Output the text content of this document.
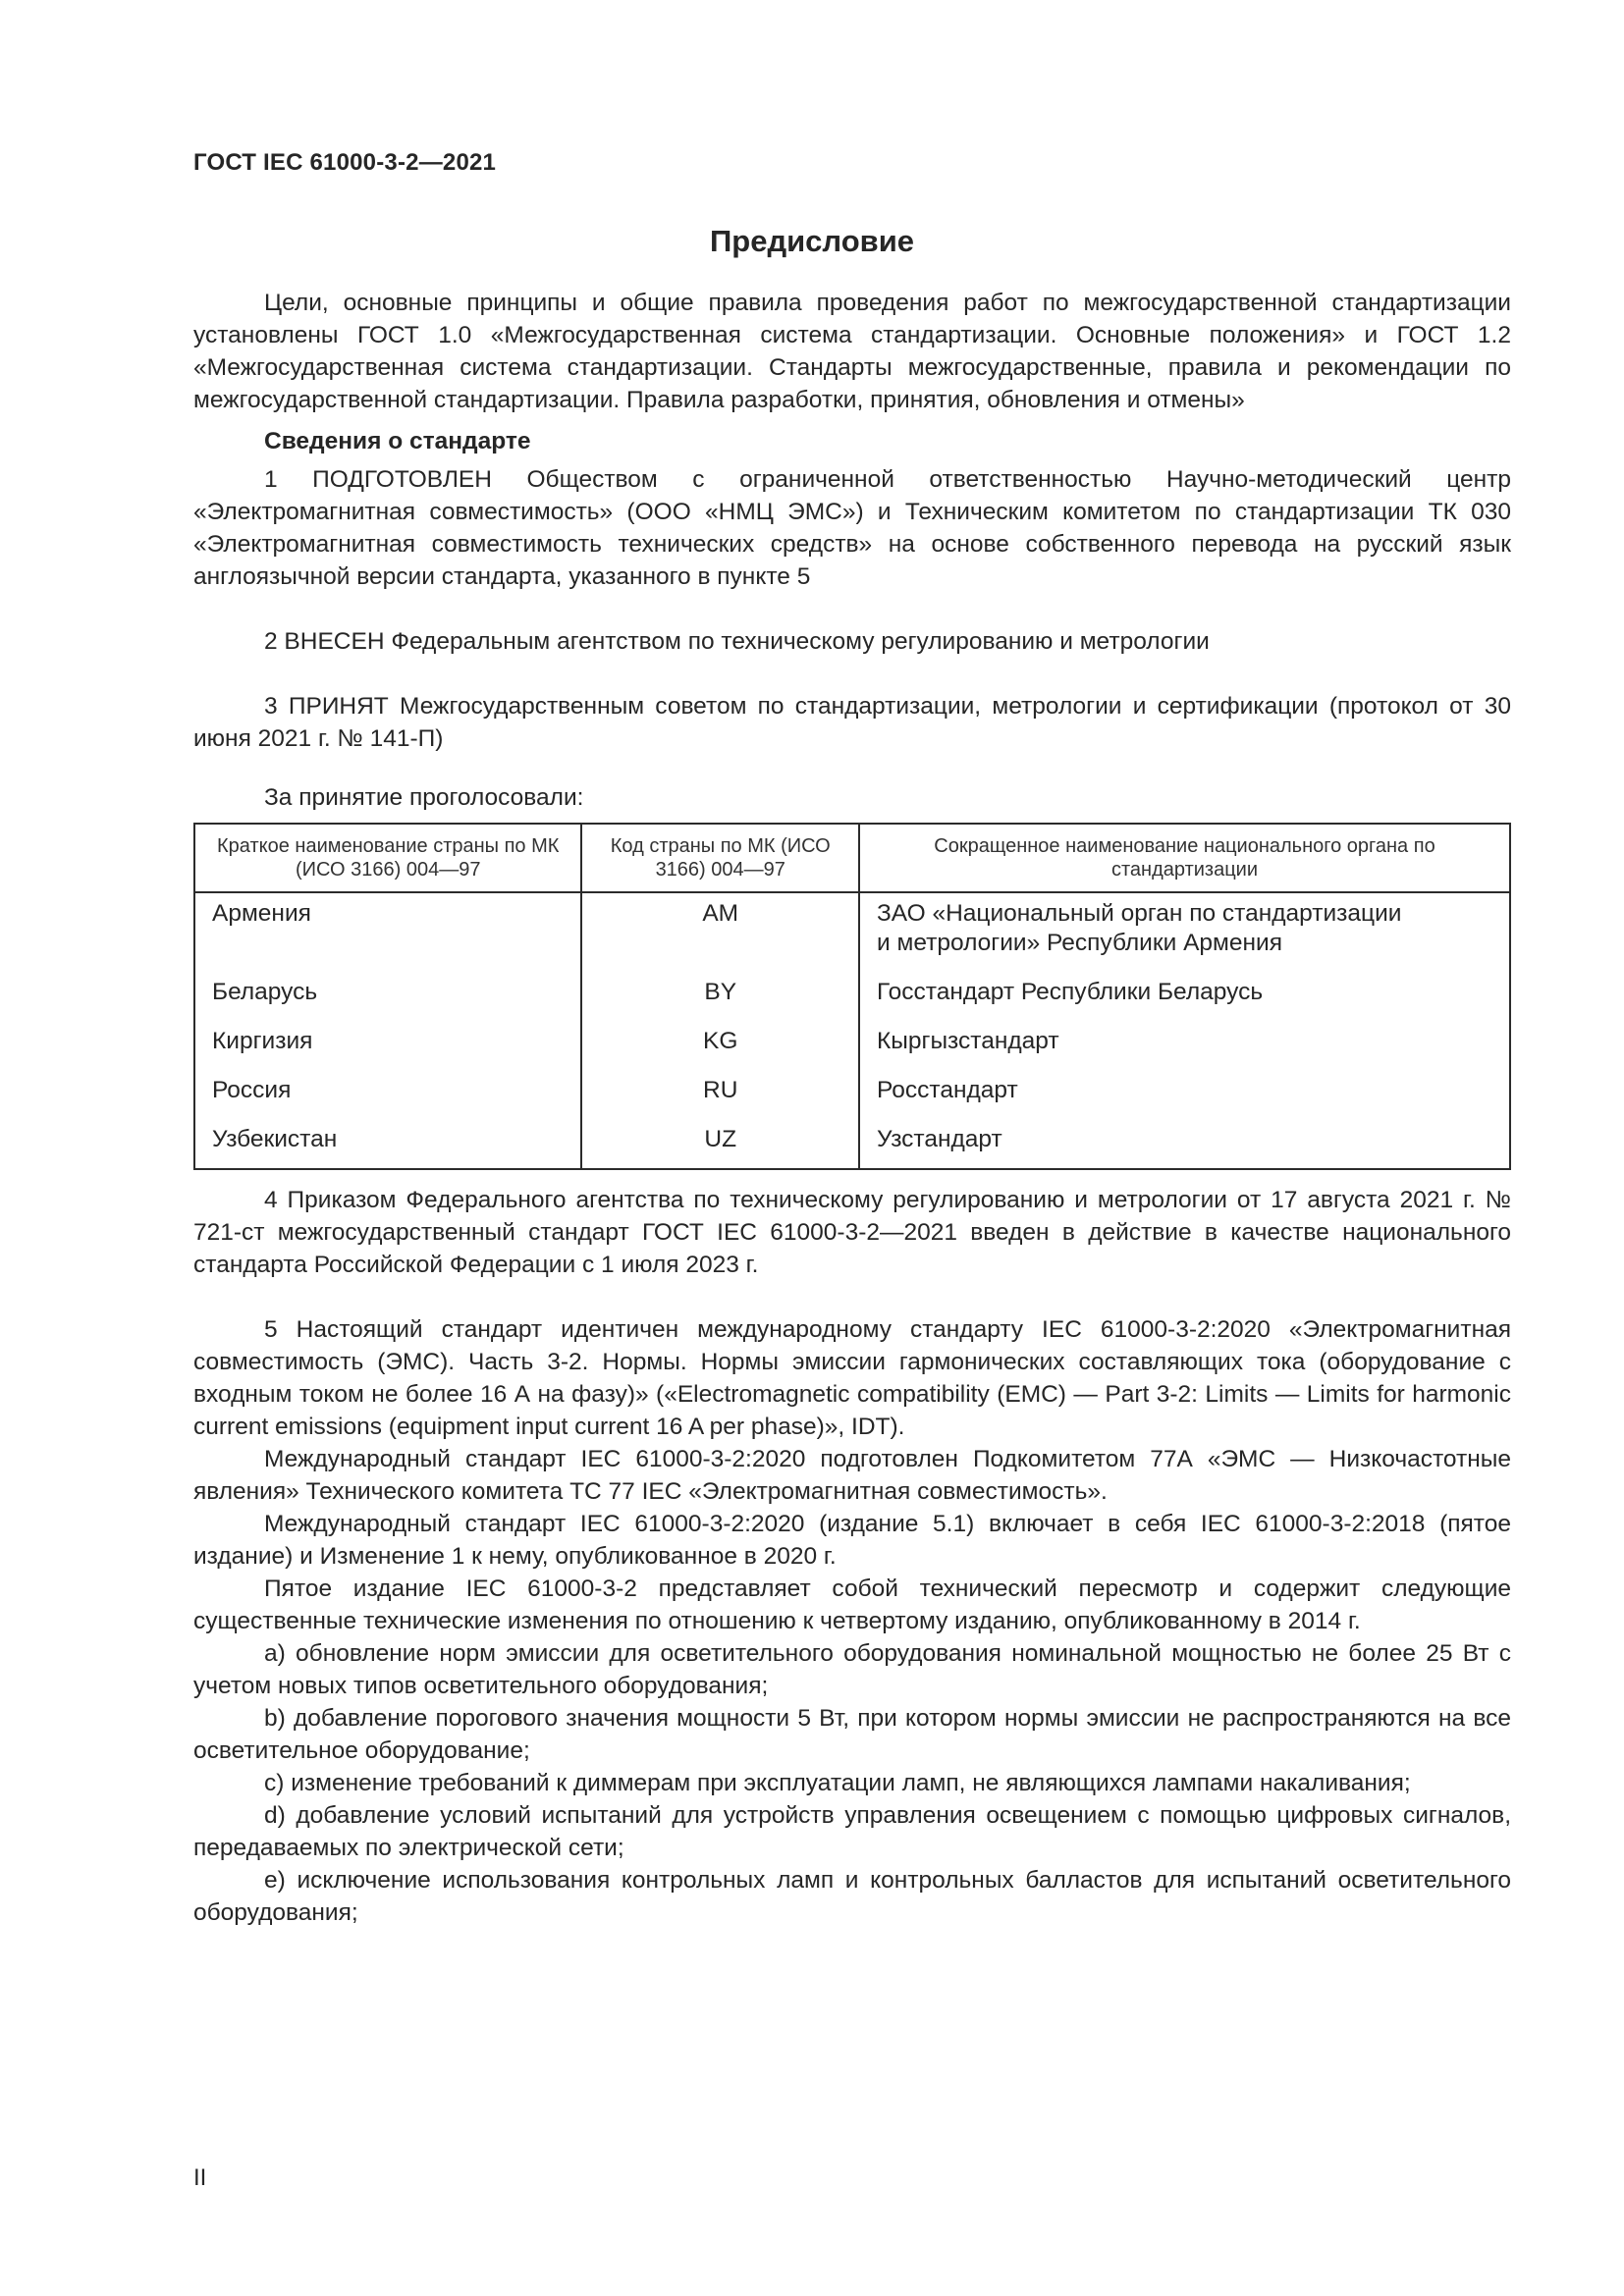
ГОСТ IEC 61000-3-2—2021
Предисловие

Цели, основные принципы и общие правила проведения работ по межгосударственной стандартизации установлены ГОСТ 1.0 «Межгосударственная система стандартизации. Основные положения» и ГОСТ 1.2 «Межгосударственная система стандартизации. Стандарты межгосударственные, правила и рекомендации по межгосударственной стандартизации. Правила разработки, принятия, обновления и отмены»

Сведения о стандарте

1 ПОДГОТОВЛЕН Обществом с ограниченной ответственностью Научно-методический центр «Электромагнитная совместимость» (ООО «НМЦ ЭМС») и Техническим комитетом по стандартизации ТК 030 «Электромагнитная совместимость технических средств» на основе собственного перевода на русский язык англоязычной версии стандарта, указанного в пункте 5

2 ВНЕСЕН Федеральным агентством по техническому регулированию и метрологии

3 ПРИНЯТ Межгосударственным советом по стандартизации, метрологии и сертификации (протокол от 30 июня 2021 г. № 141-П)

За принятие проголосовали:

Краткое наименование страны по МК (ИСО 3166) 004—97	Код страны по МК (ИСО 3166) 004—97	Сокращенное наименование национального органа по стандартизации
Армения	AM	ЗАО «Национальный орган по стандартизации
и метрологии» Республики Армения
Беларусь	BY	Госстандарт Республики Беларусь
Киргизия	KG	Кыргызстандарт
Россия	RU	Росстандарт
Узбекистан	UZ	Узстандарт

4 Приказом Федерального агентства по техническому регулированию и метрологии от 17 августа 2021 г. № 721-ст межгосударственный стандарт ГОСТ IEC 61000-3-2—2021 введен в действие в качестве национального стандарта Российской Федерации с 1 июля 2023 г.

5 Настоящий стандарт идентичен международному стандарту IEC 61000-3-2:2020 «Электромагнитная совместимость (ЭМС). Часть 3-2. Нормы. Нормы эмиссии гармонических составляющих тока (оборудование с входным током не более 16 А на фазу)» («Electromagnetic compatibility (EMC) — Part 3-2: Limits — Limits for harmonic current emissions (equipment input current 16 A per phase)», IDT).

Международный стандарт IEC 61000-3-2:2020 подготовлен Подкомитетом 77А «ЭМС — Низкочастотные явления» Технического комитета ТС 77 IEC «Электромагнитная совместимость».

Международный стандарт IEC 61000-3-2:2020 (издание 5.1) включает в себя IEC 61000-3-2:2018 (пятое издание) и Изменение 1 к нему, опубликованное в 2020 г.

Пятое издание IEC 61000-3-2 представляет собой технический пересмотр и содержит следующие существенные технические изменения по отношению к четвертому изданию, опубликованному в 2014 г.

a) обновление норм эмиссии для осветительного оборудования номинальной мощностью не более 25 Вт с учетом новых типов осветительного оборудования;

b) добавление порогового значения мощности 5 Вт, при котором нормы эмиссии не распространяются на все осветительное оборудование;

c) изменение требований к диммерам при эксплуатации ламп, не являющихся лампами накаливания;

d) добавление условий испытаний для устройств управления освещением с помощью цифровых сигналов, передаваемых по электрической сети;

e) исключение использования контрольных ламп и контрольных балластов для испытаний осветительного оборудования;

II
